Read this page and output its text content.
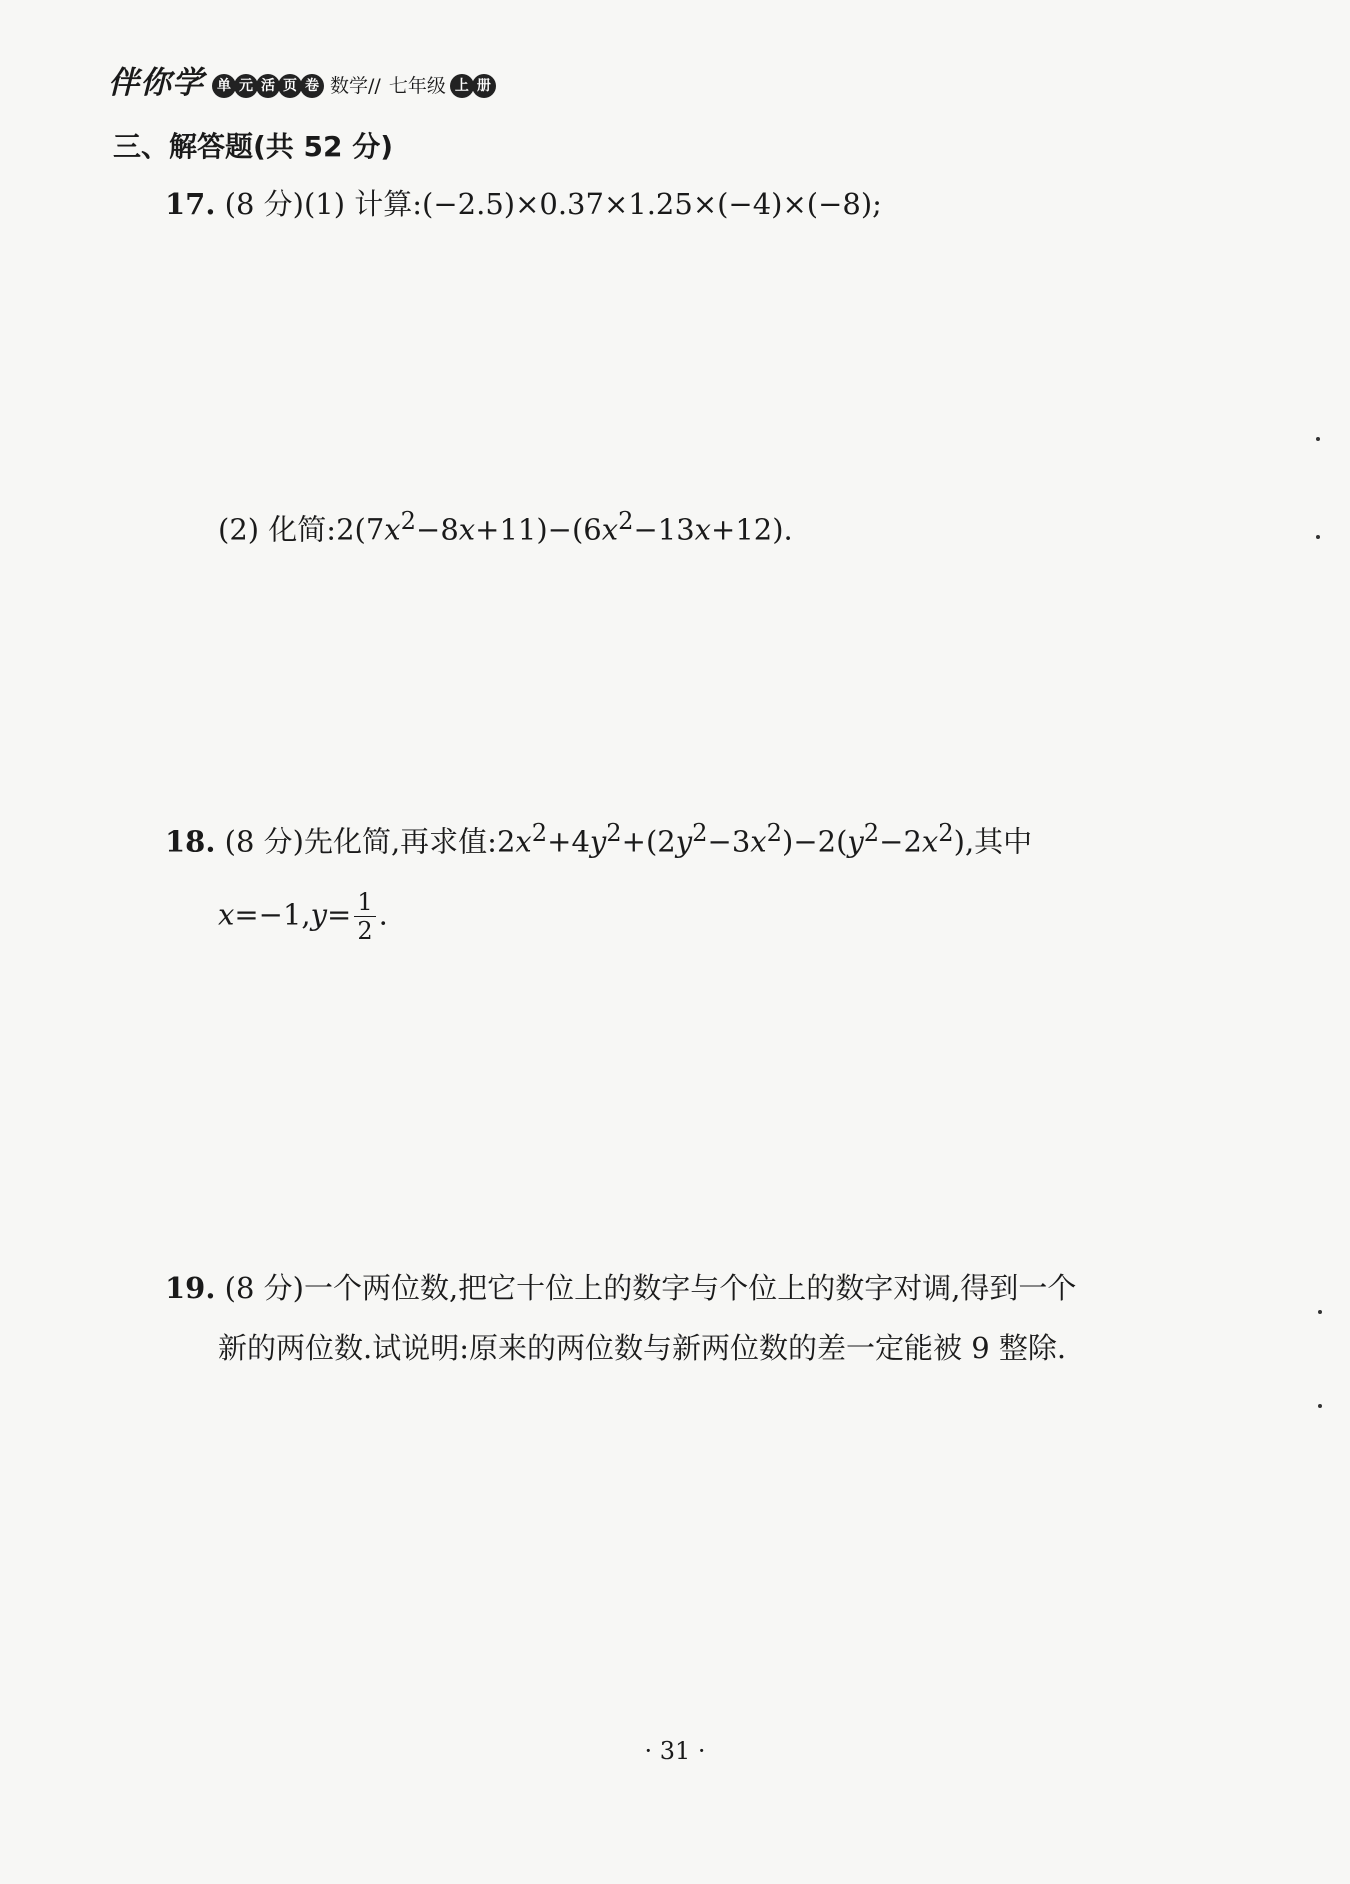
伴你学 单 元 活 页 卷 数学// 七年级 上 册
三、解答题(共 52 分)
17. (8 分)(1) 计算:(−2.5)×0.37×1.25×(−4)×(−8);
(2) 化简$:2(7x^2-8x+11)-(6x^2-13x+12)$.
18. (8 分)先化简,再求值$:2x^2+4y^2+(2y^2-3x^2)-2(y^2-2x^2)$,其中
$x=-1,y= \frac{1}{2}$ .
19. (8 分)一个两位数,把它十位上的数字与个位上的数字对调,得到一个
新的两位数.试说明:原来的两位数与新两位数的差一定能被 9 整除.
· 31 ·
